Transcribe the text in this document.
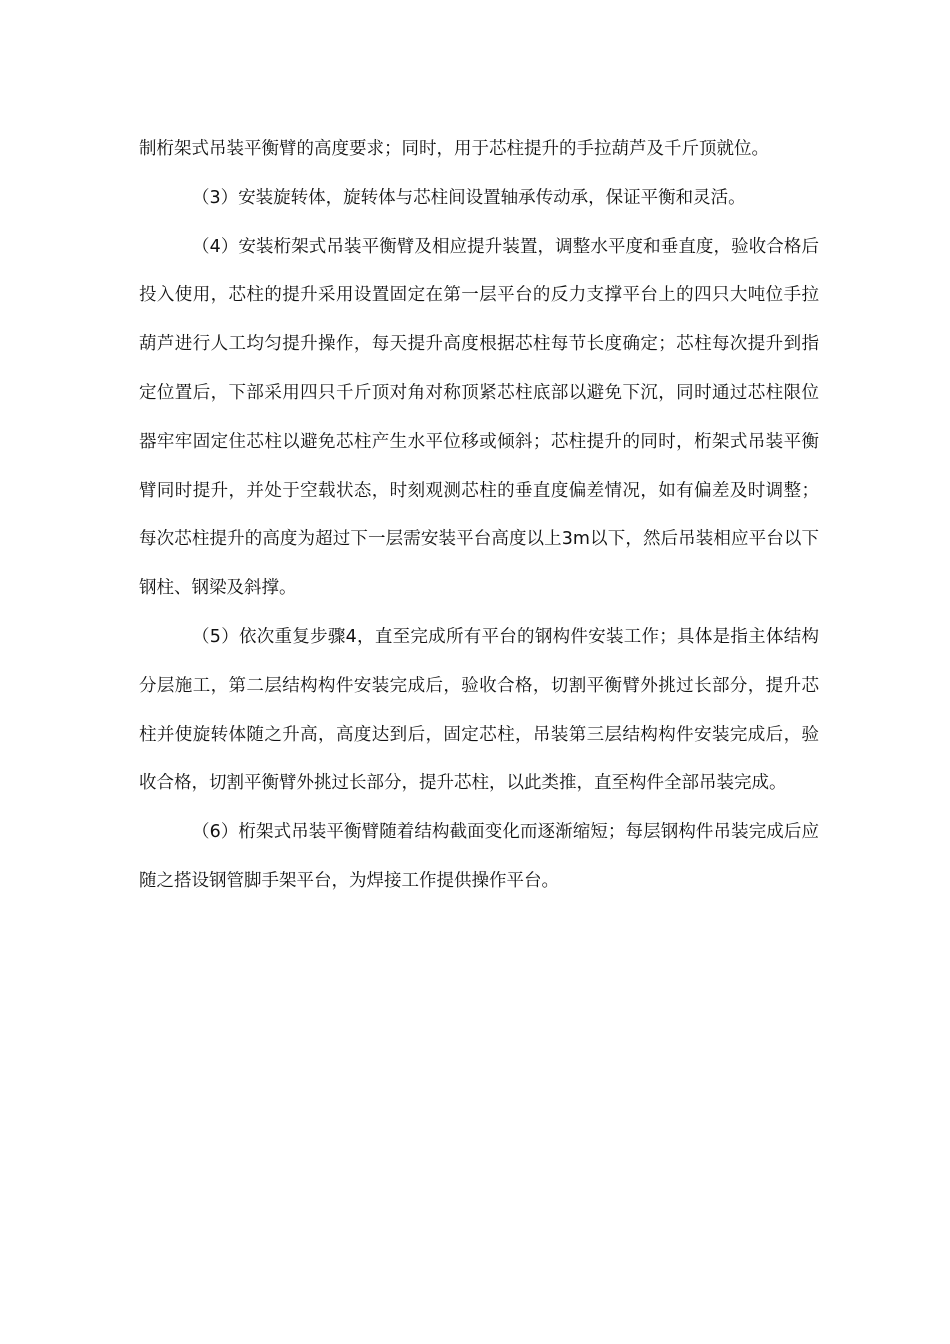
制桁架式吊装平衡臂的高度要求；同时，用于芯柱提升的手拉葫芦及千斤顶就位。

（3）安装旋转体，旋转体与芯柱间设置轴承传动承，保证平衡和灵活。

（4）安装桁架式吊装平衡臂及相应提升装置，调整水平度和垂直度，验收合格后投入使用，芯柱的提升采用设置固定在第一层平台的反力支撑平台上的四只大吨位手拉葫芦进行人工均匀提升操作，每天提升高度根据芯柱每节长度确定；芯柱每次提升到指定位置后，下部采用四只千斤顶对角对称顶紧芯柱底部以避免下沉，同时通过芯柱限位器牢牢固定住芯柱以避免芯柱产生水平位移或倾斜；芯柱提升的同时，桁架式吊装平衡臂同时提升，并处于空载状态，时刻观测芯柱的垂直度偏差情况，如有偏差及时调整；每次芯柱提升的高度为超过下一层需安装平台高度以上3m以下，然后吊装相应平台以下钢柱、钢梁及斜撑。

（5）依次重复步骤4，直至完成所有平台的钢构件安装工作；具体是指主体结构分层施工，第二层结构构件安装完成后，验收合格，切割平衡臂外挑过长部分，提升芯柱并使旋转体随之升高，高度达到后，固定芯柱，吊装第三层结构构件安装完成后，验收合格，切割平衡臂外挑过长部分，提升芯柱，以此类推，直至构件全部吊装完成。

（6）桁架式吊装平衡臂随着结构截面变化而逐渐缩短；每层钢构件吊装完成后应随之搭设钢管脚手架平台，为焊接工作提供操作平台。
